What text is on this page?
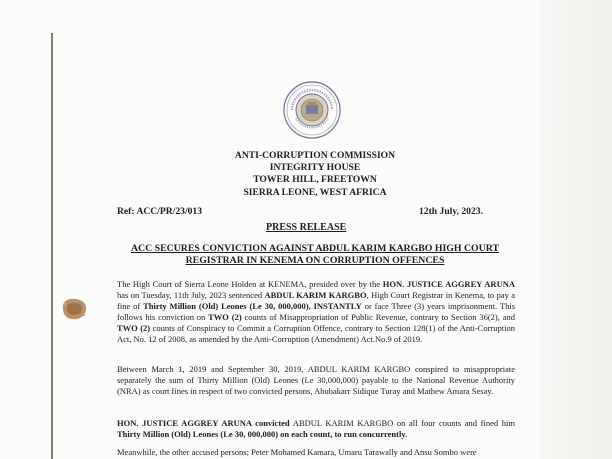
ANTI-CORRUPTION COMMISSION
INTEGRITY HOUSE
TOWER HILL, FREETOWN
SIERRA LEONE, WEST AFRICA
Ref: ACC/PR/23/013	12th July, 2023.
PRESS RELEASE
ACC SECURES CONVICTION AGAINST ABDUL KARIM KARGBO HIGH COURT
REGISTRAR IN KENEMA ON CORRUPTION OFFENCES
The High Court of Sierra Leone Holden at KENEMA, presided over by the HON. JUSTICE AGGREY ARUNA has on Tuesday, 11th July, 2023 sentenced ABDUL KARIM KARGBO, High Court Registrar in Kenema, to pay a fine of Thirty Million (Old) Leones (Le 30, 000,000), INSTANTLY or face Three (3) years imprisonment. This follows his conviction on TWO (2) counts of Misappropriation of Public Revenue, contrary to Section 36(2), and TWO (2) counts of Conspiracy to Commit a Corruption Offence, contrary to Section 128(1) of the Anti-Corruption Act, No. 12 of 2008, as amended by the Anti-Corruption (Amendment) Act.No.9 of 2019.
Between March 1, 2019 and September 30, 2019, ABDUL KARIM KARGBO conspired to misappropriate separately the sum of Thirty Million (Old) Leones (Le 30,000,000) payable to the National Revenue Authority (NRA) as court fines in respect of two convicted persons, Abubakarr Sidique Turay and Mathew Amara Sesay.
HON. JUSTICE AGGREY ARUNA convicted ABDUL KARIM KARGBO on all four counts and fined him Thirty Million (Old) Leones (Le 30, 000,000) on each count, to run concurrently.
Meanwhile, the other accused persons; Peter Mohamed Kamara, Umaru Tarawally and Ansu Sombo were
